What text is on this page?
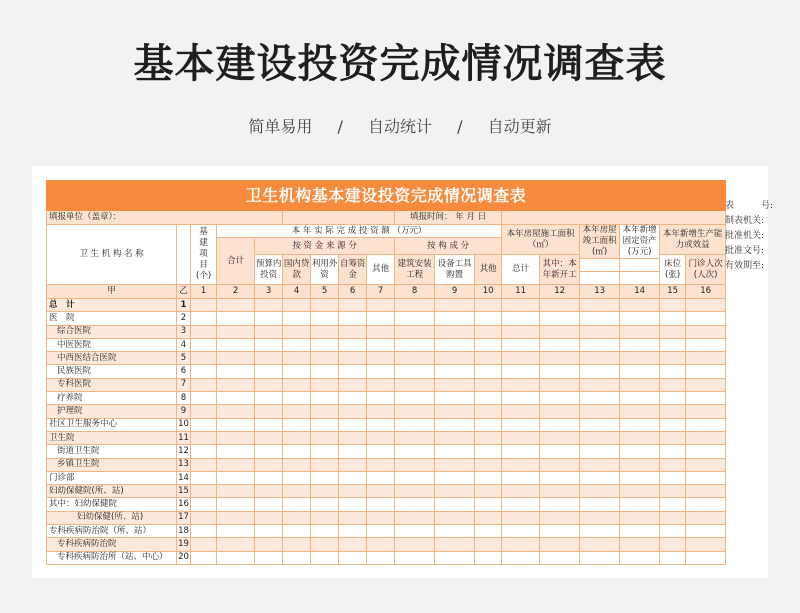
基本建设投资完成情况调查表
简单易用 / 自动统计 / 自动更新
卫生机构基本建设投资完成情况调查表																	
填报单位（盖章）：									填报时间： 年 月 日								
卫 生 机 构 名 称		基建项目(个)	本 年 实 际 完 成 投 资 额 （万元）									本年房屋施工面积（㎡）		本年房屋竣工面积(㎡)	本年新增固定资产(万元)	本年新增生产能力或效益	
			合计	按 资 金 来 源 分					按 构 成 分								
				预算内投资	国内贷款	利用外资	自筹资金	其他	建筑安装工程	设备工具购置	其他	总计	其中：本年新开工			床位(张)	门诊人次(人次)

甲	乙	1	2	3	4	5	6	7	8	9	10	11	12	13	14	15	16
总　计	1																
医　院	2																
综合医院	3																
中医医院	4																
中西医结合医院	5																
民族医院	6																
专科医院	7																
疗养院	8																
护理院	9																
社区卫生服务中心	10																
卫生院	11																
街道卫生院	12																
乡镇卫生院	13																
门诊部	14																
妇幼保健院(所、站)	15																
其中：妇幼保健院	16																
妇幼保健(所、站)	17																
专科疾病防治院（所、站）	18																
专科疾病防治院	19																
专科疾病防治所（站、中心）	20																
表　　　	号:
制表机关:
批准机关:
批准文号:
有效期至:
